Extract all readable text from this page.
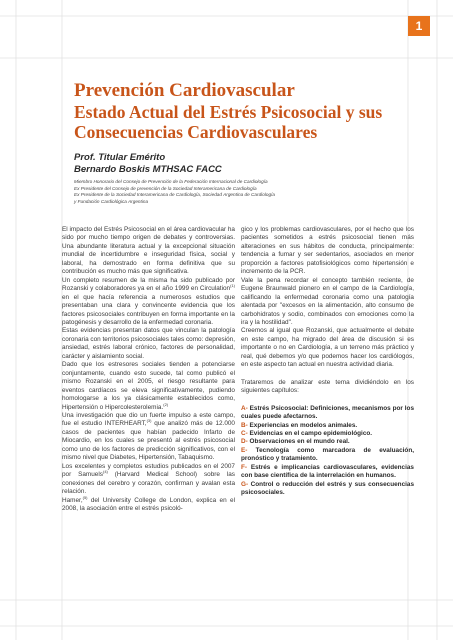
1
Prevención Cardiovascular
Estado Actual del Estrés Psicosocial y sus Consecuencias Cardiovasculares
Prof. Titular Emérito
Bernardo Boskis MTHSAC FACC
Miembro Honorario del Consejo de Prevención de la Federación Internacional de Cardiología
Ex Presidente del Consejo de prevención de la Sociedad Interamericana de Cardiología
Ex Presidente de la Sociedad Interamericana de Cardiología, Sociedad Argentina de Cardiología
y Fundación Cardiológica Argentina

El impacto del Estrés Psicosocial en el área cardiovacular ha sido por mucho tiempo origen de debates y controversias. Una abundante literatura actual y la excepcional situación mundial de incertidumbre e inseguridad física, social y laboral, ha demostrado en forma definitiva que su contribución es mucho más que significativa.

Un completo resumen de la misma ha sido publicado por Rozanski y colaboradores ya en el año 1999 en Circulation$^{(1)}$ en el que hacía referencia a numerosos estudios que presentaban una clara y convincente evidencia que los factores psicosociales contribuyen en forma importante en la patogénesis y desarrollo de la enfermedad coronaria.

Estas evidencias presentan datos que vinculan la patología coronaria con territorios psicosociales tales como: depresión, ansiedad, estrés laboral crónico, factores de personalidad, carácter y aislamiento social.

Dado que los estresores sociales tienden a potenciarse conjuntamente, cuando esto sucede, tal como publicó el mismo Rozanski en el 2005, el riesgo resultante para eventos cardíacos se eleva significativamente, pudiendo homologarse a los ya clásicamente establecidos como, Hipertensión o Hipercolesterolemia.$^{(2)}$

Una investigación que dio un fuerte impulso a este campo, fue el estudio INTERHEART,$^{(3)}$ que analizó más de 12.000 casos de pacientes que habían padecido Infarto de Miocardio, en los cuales se presentó al estrés psicosocial como uno de los factores de predicción significativos, con el mismo nivel que Diabetes, Hipertensión, Tabaquismo.

Los excelentes y completos estudios publicados en el 2007 por Samuels$^{(4)}$ (Harvard Medical School) sobre las conexiones del cerebro y corazón, confirman y avalan esta relación.

Hamer,$^{(5)}$ del University College de London, explica en el 2008, la asociación entre el estrés psicoló-

gico y los problemas cardiovasculares, por el hecho que los pacientes sometidos a estrés psicosocial tienen más alteraciones en sus hábitos de conducta, principalmente: tendencia a fumar y ser sedentarios, asociados en menor proporción a factores patofisiológicos como hipertensión e incremento de la PCR.

Vale la pena recordar el concepto también reciente, de Eugene Braunwald pionero en el campo de la Cardiología, calificando la enfermedad coronaria como una patología alentada por "excesos en la alimentación, alto consumo de carbohidratos y sodio, combinados con emociones como la ira y la hostilidad".

Creemos al igual que Rozanski, que actualmente el debate en este campo, ha migrado del área de discusión si es importante o no en Cardiología, a un terreno más práctico y real, qué debemos y/o que podemos hacer los cardiólogos, en este aspecto tan actual en nuestra actividad diaria.

Trataremos de analizar este tema dividiéndolo en los siguientes capítulos:

A- Estrés Psicosocial: Definiciones, mecanismos por los cuales puede afectarnos.

B- Experiencias en modelos animales.

C- Evidencias en el campo epidemiológico.

D- Observaciones en el mundo real.

E- Tecnología como marcadora de evaluación, pronóstico y tratamiento.

F- Estrés e implicancias cardiovasculares, evidencias con base científica de la interrelación en humanos.

G- Control o reducción del estrés y sus consecuencias psicosociales.
